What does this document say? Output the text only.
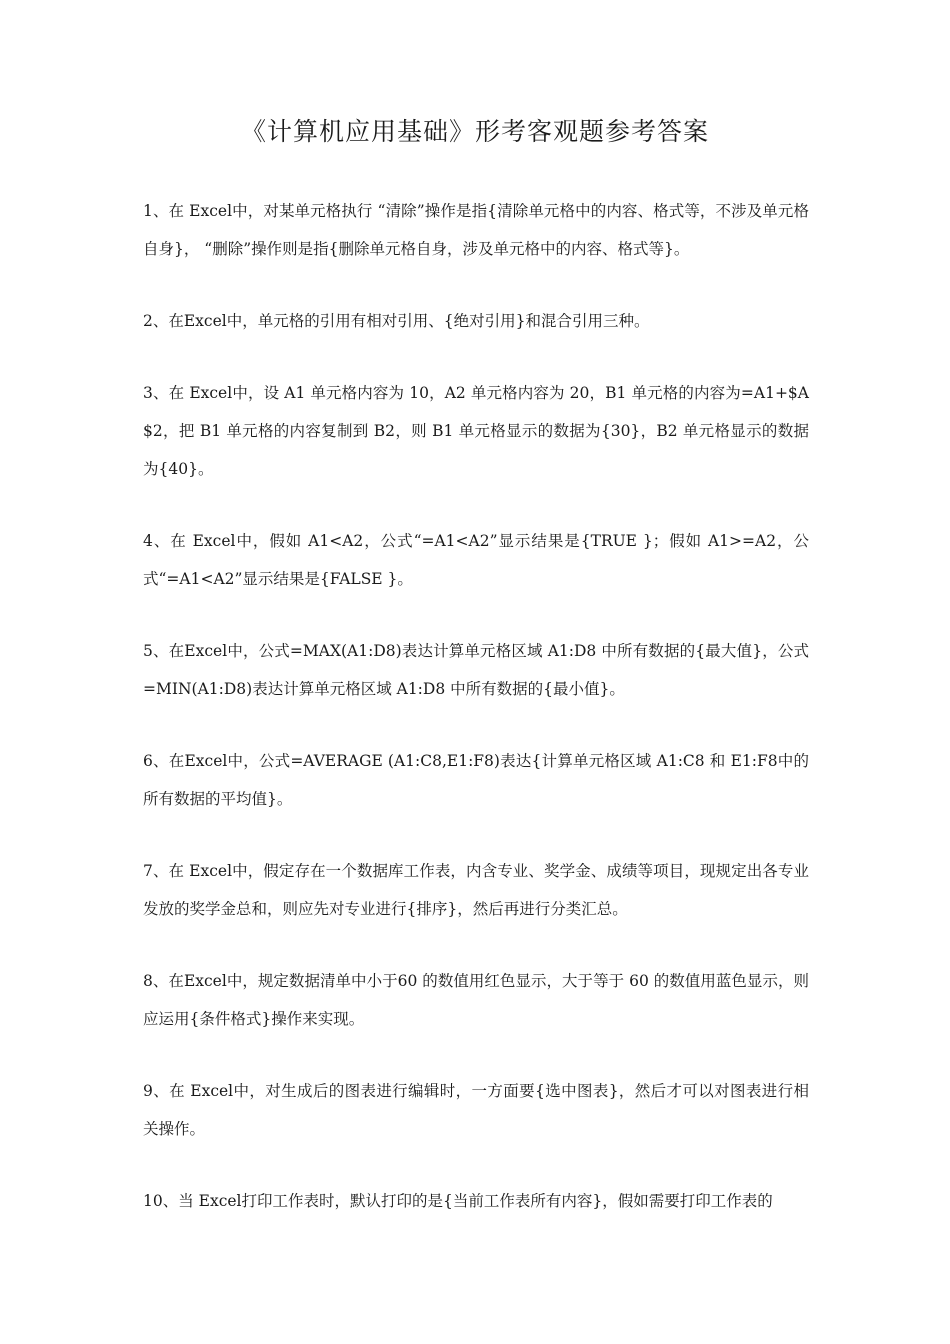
《计算机应用基础》形考客观题参考答案

1、在 Excel中，对某单元格执行 “清除”操作是指{清除单元格中的内容、格式等，不涉及单元格自身}， “删除”操作则是指{删除单元格自身，涉及单元格中的内容、格式等}。

2、在Excel中，单元格的引用有相对引用、{绝对引用}和混合引用三种。

3、在 Excel中，设 A1 单元格内容为 10，A2 单元格内容为 20，B1 单元格的内容为=A1+$A$2，把 B1 单元格的内容复制到 B2，则 B1 单元格显示的数据为{30}，B2 单元格显示的数据为{40}。

4、在 Excel中，假如 A1<A2，公式“=A1<A2”显示结果是{TRUE }；假如 A1>=A2，公式“=A1<A2”显示结果是{FALSE }。

5、在Excel中，公式=MAX(A1:D8)表达计算单元格区域 A1:D8 中所有数据的{最大值}，公式=MIN(A1:D8)表达计算单元格区域 A1:D8 中所有数据的{最小值}。

6、在Excel中，公式=AVERAGE (A1:C8,E1:F8)表达{计算单元格区域 A1:C8 和 E1:F8中的所有数据的平均值}。

7、在 Excel中，假定存在一个数据库工作表，内含专业、奖学金、成绩等项目，现规定出各专业发放的奖学金总和，则应先对专业进行{排序}，然后再进行分类汇总。

8、在Excel中，规定数据清单中小于60 的数值用红色显示，大于等于 60 的数值用蓝色显示，则应运用{条件格式}操作来实现。

9、在 Excel中，对生成后的图表进行编辑时，一方面要{选中图表}，然后才可以对图表进行相关操作。

10、当 Excel打印工作表时，默认打印的是{当前工作表所有内容}，假如需要打印工作表的
